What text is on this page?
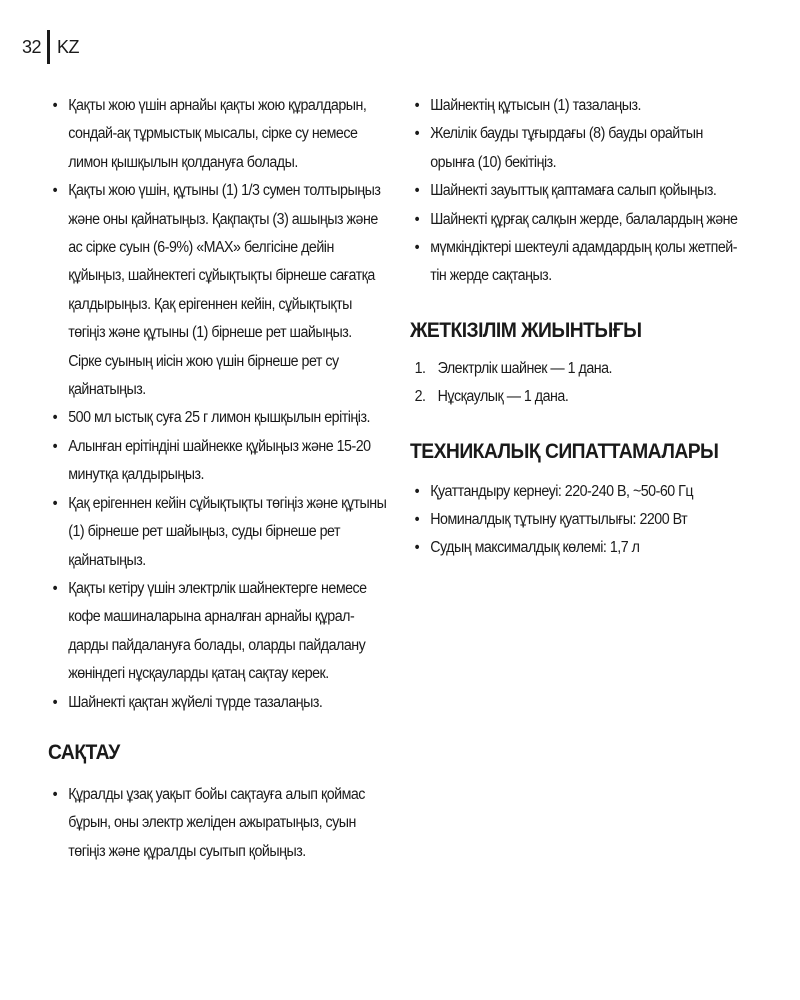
32 KZ
• Қақты жою үшін арнайы қақты жою құралдарын, сондай-ақ тұрмыстық мысалы, сірке су немесе лимон қышқылын қолдануға болады.
• Қақты жою үшін, құтыны (1) 1/3 сумен толтырыңыз және оны қайнатыңыз. Қақпақты (3) ашыңыз және ас сірке суын (6-9%) «MAX» белгісіне дейін құйыңыз, шайнектегі сұйықтықты бірнеше сағатқа қалдырыңыз. Қақ ерігеннен кейін, сұйықтықты төгіңіз және құтыны (1) бірнеше рет шайыңыз. Сірке суының иісін жою үшін бірнеше рет су қайнатыңыз.
• 500 мл ыстық суға 25 г лимон қышқылын ерітіңіз.
• Алынған ерітіндіні шайнекке құйыңыз және 15-20 минутқа қалдырыңыз.
• Қақ ерігеннен кейін сұйықтықты төгіңіз және құтыны (1) бірнеше рет шайыңыз, суды бірнеше рет қайнатыңыз.
• Қақты кетіру үшін электрлік шайнектерге немесе кофе машиналарына арналған арнайы құрал-дарды пайдалануға болады, оларды пайдалану жөніндегі нұсқауларды қатаң сақтау керек.
• Шайнекті қақтан жүйелі түрде тазалаңыз.
САҚТАУ
• Құралды ұзақ уақыт бойы сақтауға алып қоймас бұрын, оны электр желіден ажыратыңыз, суын төгіңіз және құралды суытып қойыңыз.
• Шайнектің құтысын (1) тазалаңыз.
• Желілік бауды тұғырдағы (8) бауды орайтын орынға (10) бекітіңіз.
• Шайнекті зауыттық қаптамаға салып қойыңыз.
• Шайнекті құрғақ салқын жерде, балалардың және
• мүмкіндіктері шектеулі адамдардың қолы жетпей-тін жерде сақтаңыз.
ЖЕТКІЗІЛІМ ЖИЫНТЫҒЫ
1. Электрлік шайнек — 1 дана.
2. Нұсқаулық — 1 дана.
ТЕХНИКАЛЫҚ СИПАТТАМАЛАРЫ
• Қуаттандыру кернеуі: 220-240 В, ~50-60 Гц
• Номиналдық тұтыну қуаттылығы: 2200 Вт
• Судың максималдық көлемі: 1,7 л
